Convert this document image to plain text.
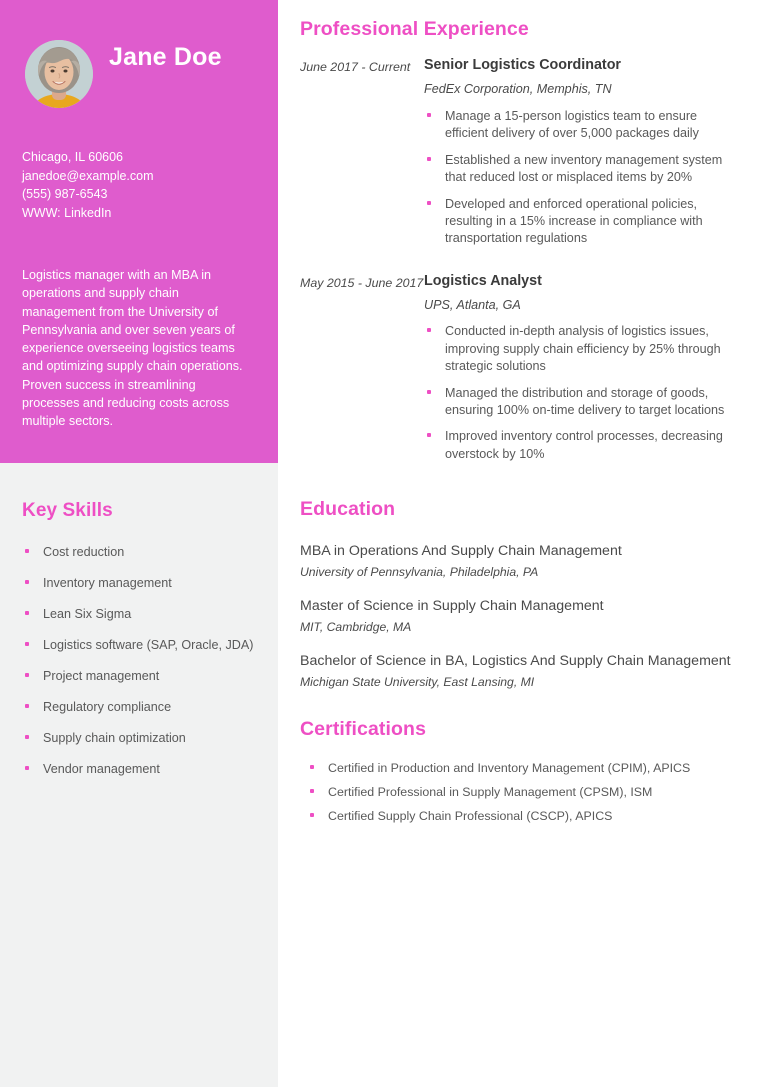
Jane Doe
Chicago, IL 60606
janedoe@example.com
(555) 987-6543
WWW: LinkedIn

Logistics manager with an MBA in operations and supply chain management from the University of Pennsylvania and over seven years of experience overseeing logistics teams and optimizing supply chain operations. Proven success in streamlining processes and reducing costs across multiple sectors.

Key Skills
Cost reduction
Inventory management
Lean Six Sigma
Logistics software (SAP, Oracle, JDA)
Project management
Regulatory compliance
Supply chain optimization
Vendor management
Professional Experience
June 2017 - Current Senior Logistics Coordinator
FedEx Corporation, Memphis, TN
Manage a 15-person logistics team to ensure efficient delivery of over 5,000 packages daily
Established a new inventory management system that reduced lost or misplaced items by 20%
Developed and enforced operational policies, resulting in a 15% increase in compliance with transportation regulations
May 2015 - June 2017 Logistics Analyst
UPS, Atlanta, GA
Conducted in-depth analysis of logistics issues, improving supply chain efficiency by 25% through strategic solutions
Managed the distribution and storage of goods, ensuring 100% on-time delivery to target locations
Improved inventory control processes, decreasing overstock by 10%
Education
MBA in Operations And Supply Chain Management
University of Pennsylvania, Philadelphia, PA
Master of Science in Supply Chain Management
MIT, Cambridge, MA
Bachelor of Science in BA, Logistics And Supply Chain Management
Michigan State University, East Lansing, MI
Certifications
Certified in Production and Inventory Management (CPIM), APICS
Certified Professional in Supply Management (CPSM), ISM
Certified Supply Chain Professional (CSCP), APICS
